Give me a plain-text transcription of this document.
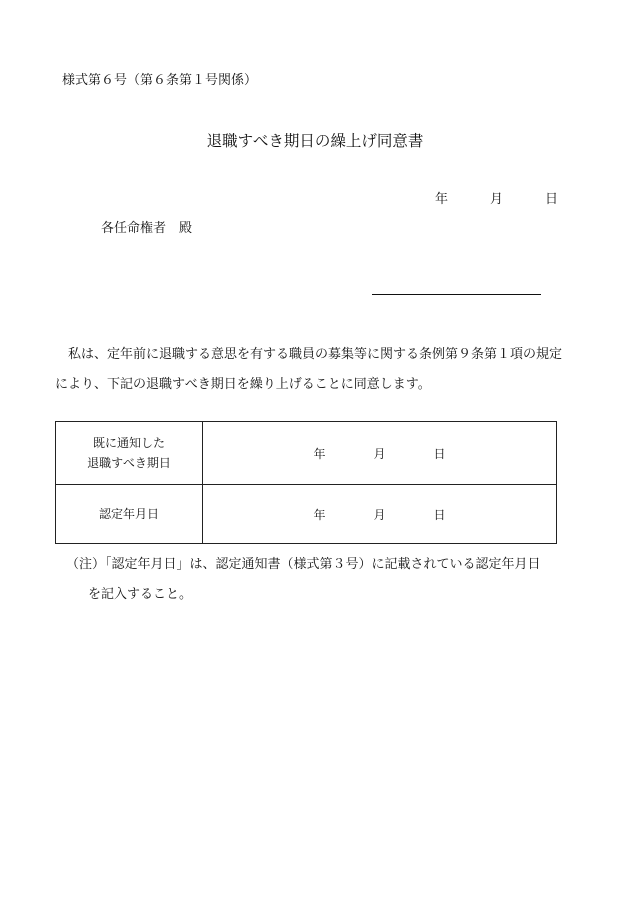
様式第６号（第６条第１号関係）
退職すべき期日の繰上げ同意書
年	月	日
各任命権者　殿
私は、定年前に退職する意思を有する職員の募集等に関する条例第９条第１項の規定により、下記の退職すべき期日を繰り上げることに同意します。
既に通知した
退職すべき期日	年 月 日
認定年月日	年 月 日
（注）「認定年月日」は、認定通知書（様式第３号）に記載されている認定年月日
を記入すること。
